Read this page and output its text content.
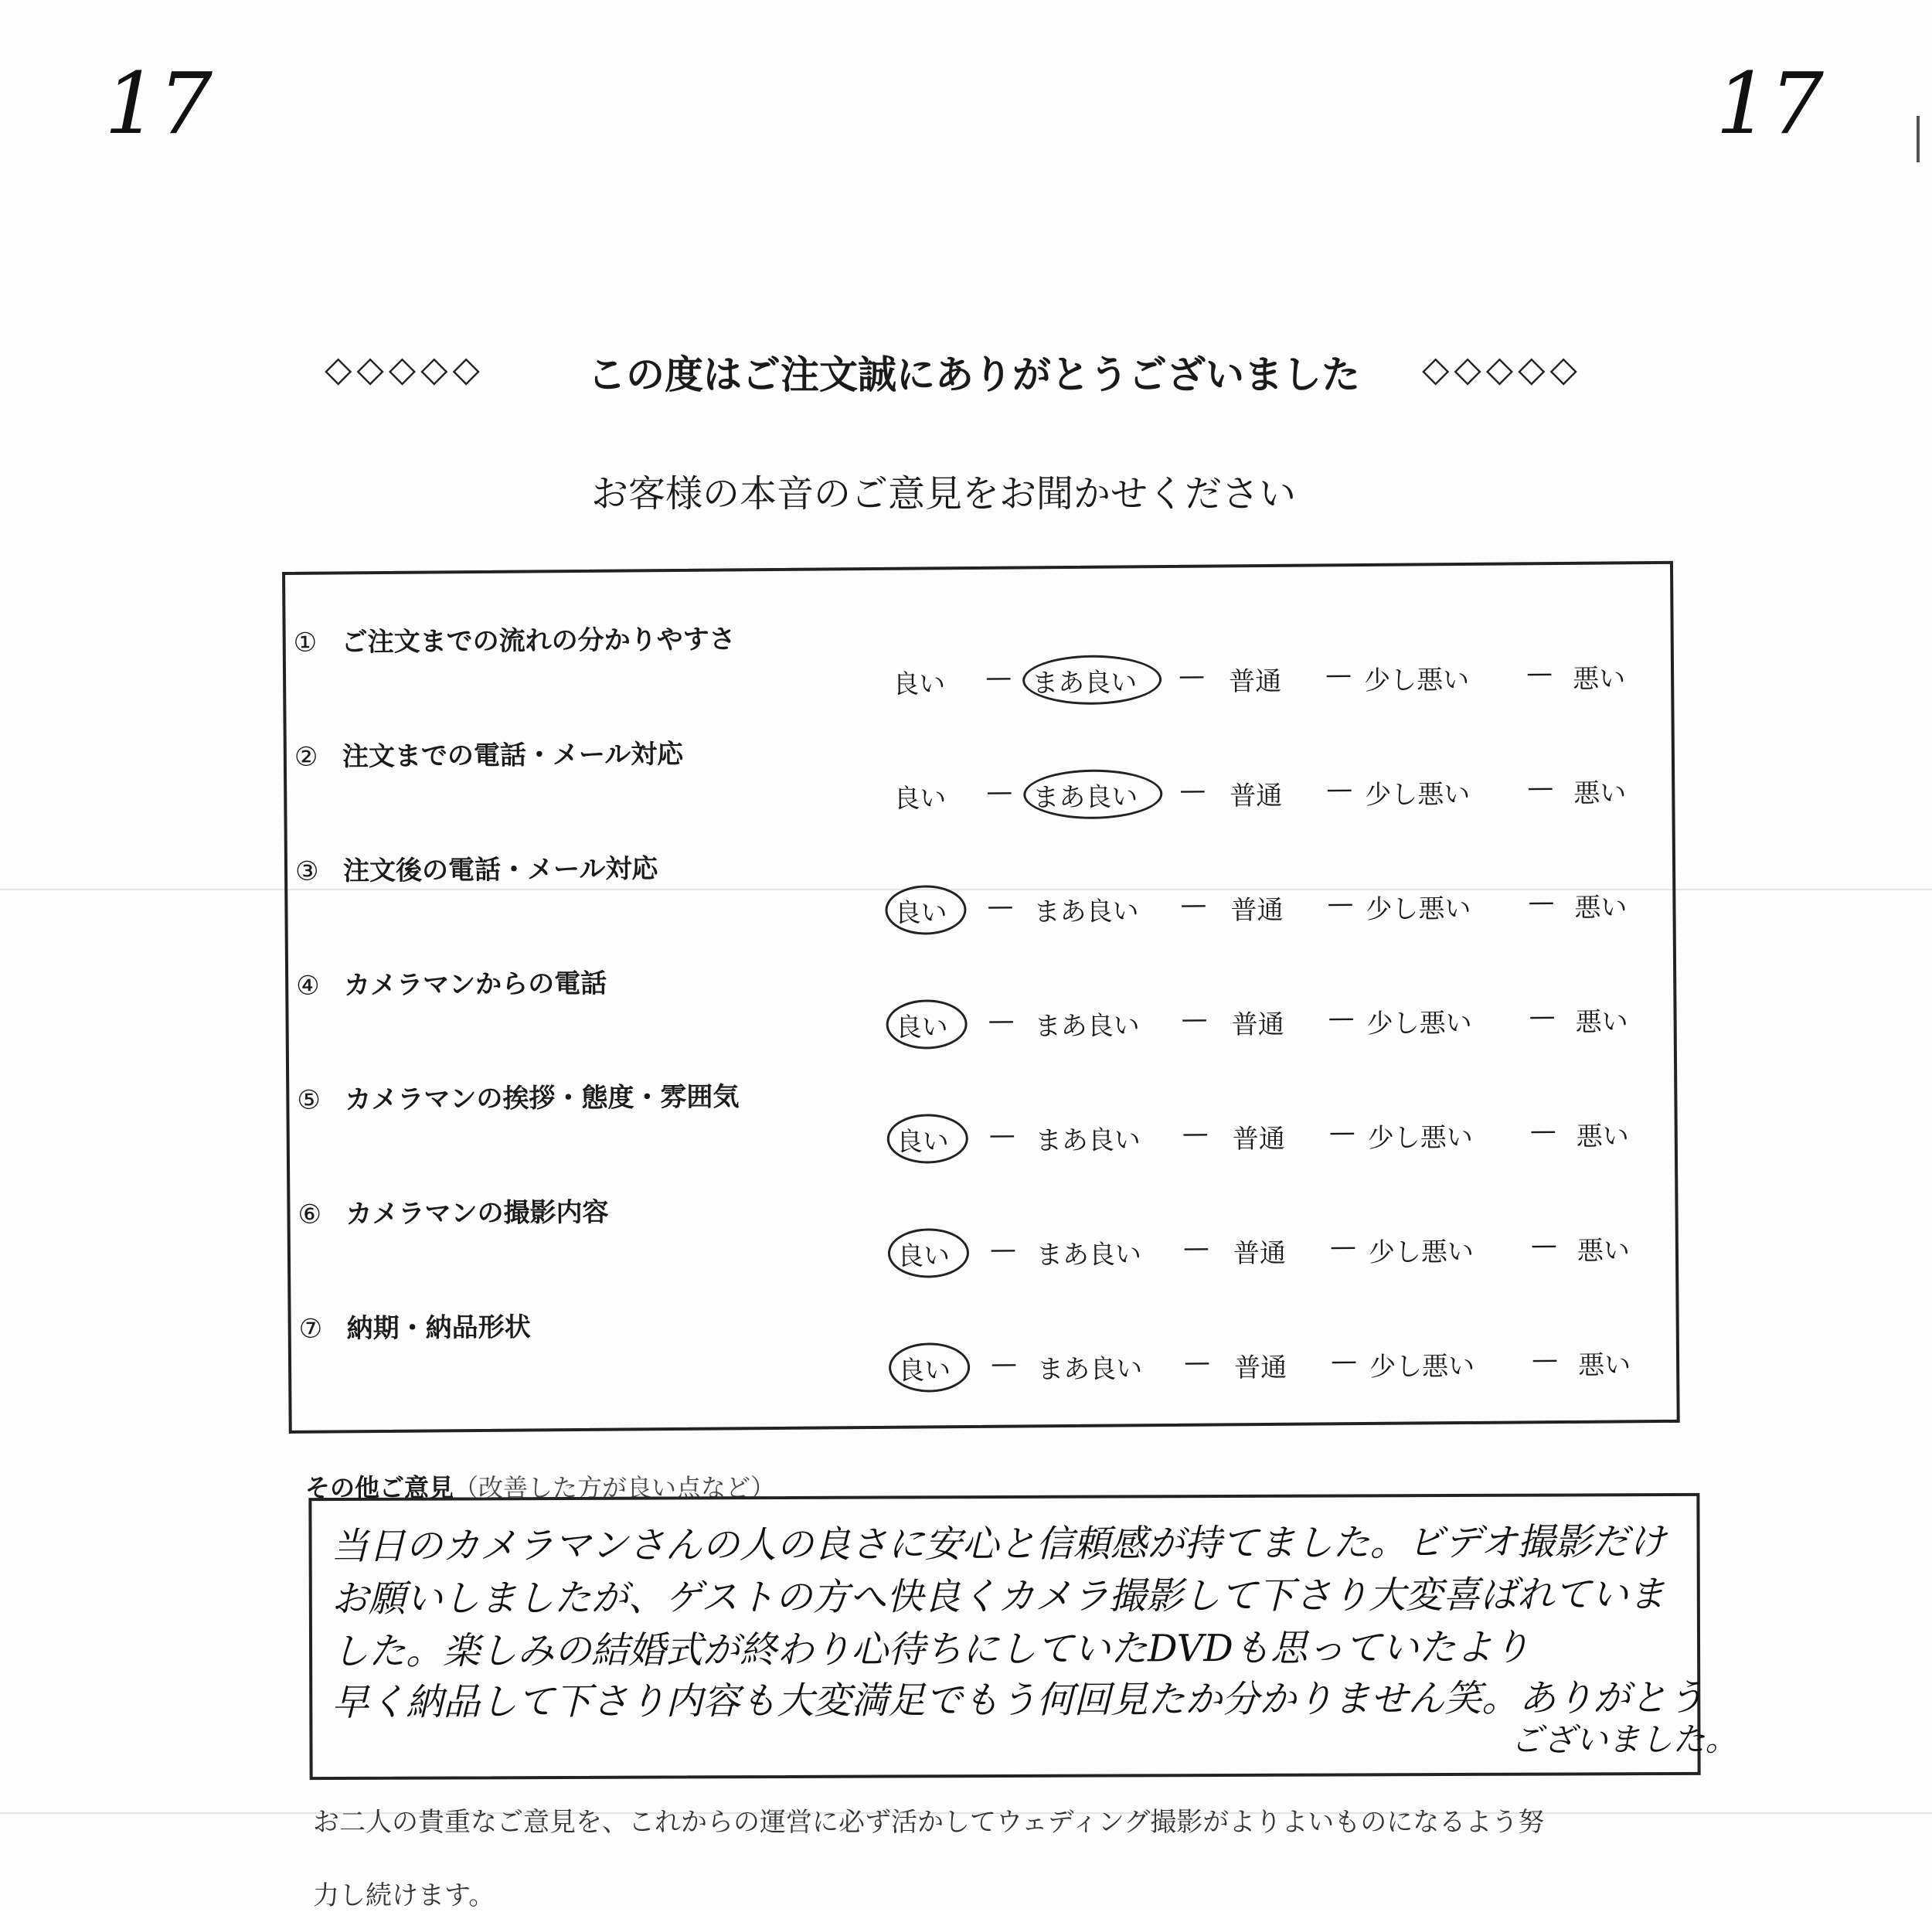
17	17
◇◇◇◇◇	この度はご注文誠にありがとうございました ◇◇◇◇◇
お客様の本音のご意見をお聞かせください
① ご注文までの流れの分かりやすさ
良い — まあ良い — 普通 — 少し悪い — 悪い
② 注文までの電話・メール対応
良い — まあ良い — 普通 — 少し悪い — 悪い
③ 注文後の電話・メール対応
良い — まあ良い — 普通 — 少し悪い — 悪い
④ カメラマンからの電話
良い — まあ良い — 普通 — 少し悪い — 悪い
⑤ カメラマンの挨拶・態度・雰囲気
良い — まあ良い — 普通 — 少し悪い — 悪い
⑥ カメラマンの撮影内容
良い — まあ良い — 普通 — 少し悪い — 悪い
⑦ 納期・納品形状
良い — まあ良い — 普通 — 少し悪い — 悪い
その他ご意見（改善した方が良い点など）
当日のカメラマンさんの人の良さに安心と信頼感が持てました。ビデオ撮影だけ
お願いしましたが、ゲストの方へ快良くカメラ撮影して下さり大変喜ばれていま
した。楽しみの結婚式が終わり心待ちにしていたDVDも思っていたより
早く納品して下さり内容も大変満足でもう何回見たか分かりません笑。ありがとう
ございました。
お二人の貴重なご意見を、これからの運営に必ず活かしてウェディング撮影がよりよいものになるよう努
力し続けます。
